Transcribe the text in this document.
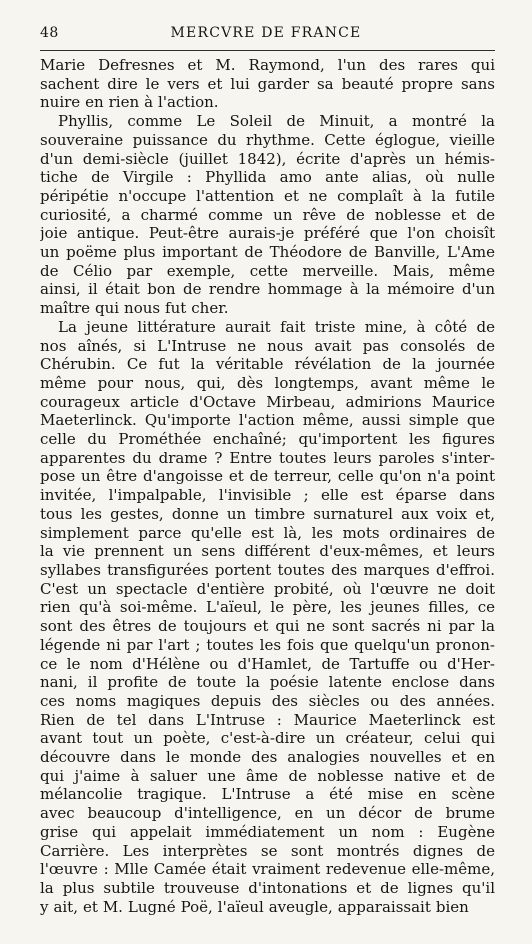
48	MERCVRE DE FRANCE
Marie Defresnes et M. Raymond, l'un des rares qui
sachent dire le vers et lui garder sa beauté propre sans
nuire en rien à l'action.
Phyllis, comme Le Soleil de Minuit, a montré la
souveraine puissance du rhythme. Cette églogue, vieille
d'un demi-siècle (juillet 1842), écrite d'après un hémis-
tiche de Virgile : Phyllida amo ante alias, où nulle
péripétie n'occupe l'attention et ne complaît à la futile
curiosité, a charmé comme un rêve de noblesse et de
joie antique. Peut-être aurais-je préféré que l'on choisît
un poëme plus important de Théodore de Banville, L'Ame
de Célio par exemple, cette merveille. Mais, même
ainsi, il était bon de rendre hommage à la mémoire d'un
maître qui nous fut cher.
La jeune littérature aurait fait triste mine, à côté de
nos aînés, si L'Intruse ne nous avait pas consolés de
Chérubin. Ce fut la véritable révélation de la journée
même pour nous, qui, dès longtemps, avant même le
courageux article d'Octave Mirbeau, admirions Maurice
Maeterlinck. Qu'importe l'action même, aussi simple que
celle du Prométhée enchaîné; qu'importent les figures
apparentes du drame ? Entre toutes leurs paroles s'inter-
pose un être d'angoisse et de terreur, celle qu'on n'a point
invitée, l'impalpable, l'invisible ; elle est éparse dans
tous les gestes, donne un timbre surnaturel aux voix et,
simplement parce qu'elle est là, les mots ordinaires de
la vie prennent un sens différent d'eux-mêmes, et leurs
syllabes transfigurées portent toutes des marques d'effroi.
C'est un spectacle d'entière probité, où l'œuvre ne doit
rien qu'à soi-même. L'aïeul, le père, les jeunes filles, ce
sont des êtres de toujours et qui ne sont sacrés ni par la
légende ni par l'art ; toutes les fois que quelqu'un pronon-
ce le nom d'Hélène ou d'Hamlet, de Tartuffe ou d'Her-
nani, il profite de toute la poésie latente enclose dans
ces noms magiques depuis des siècles ou des années.
Rien de tel dans L'Intruse : Maurice Maeterlinck est
avant tout un poète, c'est-à-dire un créateur, celui qui
découvre dans le monde des analogies nouvelles et en
qui j'aime à saluer une âme de noblesse native et de
mélancolie tragique. L'Intruse a été mise en scène
avec beaucoup d'intelligence, en un décor de brume
grise qui appelait immédiatement un nom : Eugène
Carrière. Les interprètes se sont montrés dignes de
l'œuvre : Mlle Camée était vraiment redevenue elle-même,
la plus subtile trouveuse d'intonations et de lignes qu'il
y ait, et M. Lugné Poë, l'aïeul aveugle, apparaissait bien
